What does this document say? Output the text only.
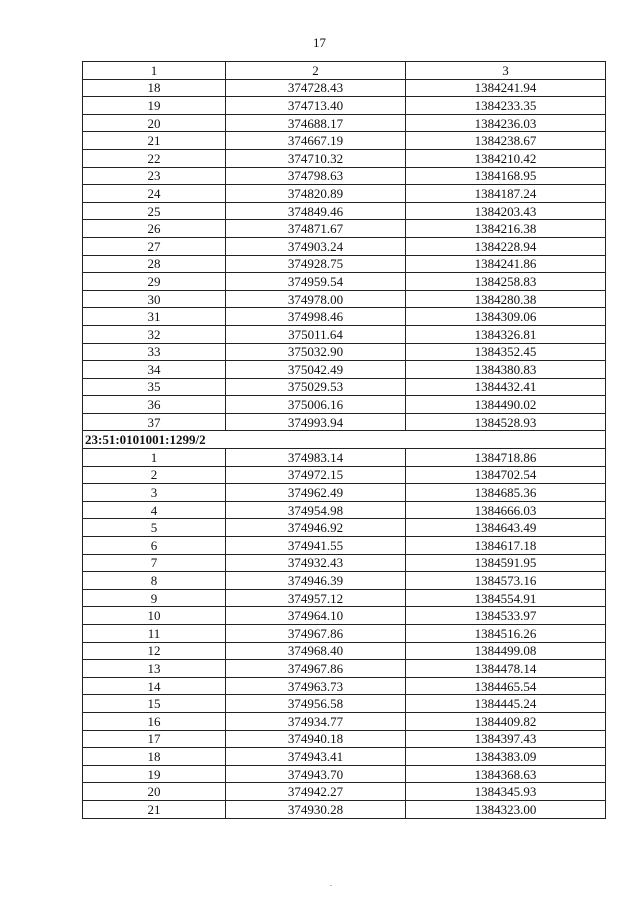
17
1	2	3
18	374728.43	1384241.94
19	374713.40	1384233.35
20	374688.17	1384236.03
21	374667.19	1384238.67
22	374710.32	1384210.42
23	374798.63	1384168.95
24	374820.89	1384187.24
25	374849.46	1384203.43
26	374871.67	1384216.38
27	374903.24	1384228.94
28	374928.75	1384241.86
29	374959.54	1384258.83
30	374978.00	1384280.38
31	374998.46	1384309.06
32	375011.64	1384326.81
33	375032.90	1384352.45
34	375042.49	1384380.83
35	375029.53	1384432.41
36	375006.16	1384490.02
37	374993.94	1384528.93
23:51:0101001:1299/2		
1	374983.14	1384718.86
2	374972.15	1384702.54
3	374962.49	1384685.36
4	374954.98	1384666.03
5	374946.92	1384643.49
6	374941.55	1384617.18
7	374932.43	1384591.95
8	374946.39	1384573.16
9	374957.12	1384554.91
10	374964.10	1384533.97
11	374967.86	1384516.26
12	374968.40	1384499.08
13	374967.86	1384478.14
14	374963.73	1384465.54
15	374956.58	1384445.24
16	374934.77	1384409.82
17	374940.18	1384397.43
18	374943.41	1384383.09
19	374943.70	1384368.63
20	374942.27	1384345.93
21	374930.28	1384323.00
